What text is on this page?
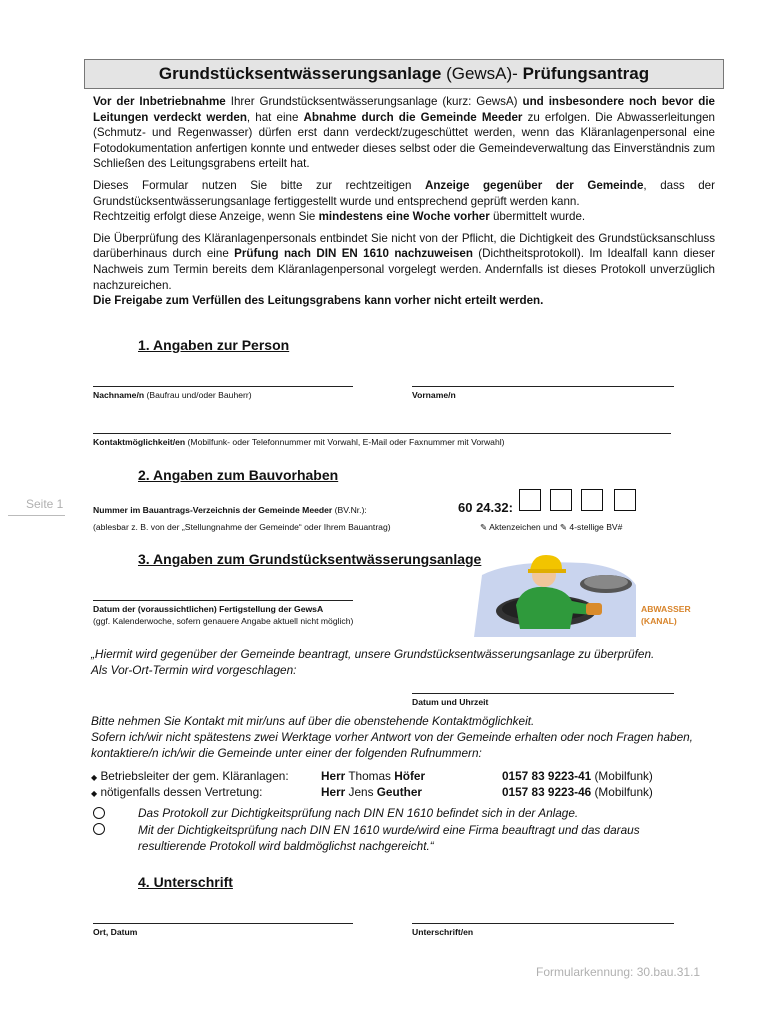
Grundstücksentwässerungsanlage (GewsA)- Prüfungsantrag

Vor der Inbetriebnahme Ihrer Grundstücksentwässerungsanlage (kurz: GewsA) und insbesondere noch bevor die Leitungen verdeckt werden, hat eine Abnahme durch die Gemeinde Meeder zu erfolgen. Die Abwasserleitungen (Schmutz- und Regenwasser) dürfen erst dann verdeckt/zugeschüttet werden, wenn das Kläranlagenpersonal eine Fotodokumentation anfertigen konnte und entweder dieses selbst oder die Gemeindeverwaltung das Einverständnis zum Schließen des Leitungsgrabens erteilt hat.

Dieses Formular nutzen Sie bitte zur rechtzeitigen Anzeige gegenüber der Gemeinde, dass der Grundstücksentwässerungsanlage fertiggestellt wurde und entsprechend geprüft werden kann.
Rechtzeitig erfolgt diese Anzeige, wenn Sie mindestens eine Woche vorher übermittelt wurde.

Die Überprüfung des Kläranlagenpersonals entbindet Sie nicht von der Pflicht, die Dichtigkeit des Grundstücksanschluss darüberhinaus durch eine Prüfung nach DIN EN 1610 nachzuweisen (Dichtheitsprotokoll). Im Idealfall kann dieser Nachweis zum Termin bereits dem Kläranlagenpersonal vorgelegt werden. Andernfalls ist dieses Protokoll unverzüglich nachzureichen.
Die Freigabe zum Verfüllen des Leitungsgrabens kann vorher nicht erteilt werden.

1. Angaben zur Person
Nachname/n (Baufrau und/oder Bauherr)	Vorname/n
Kontaktmöglichkeit/en (Mobilfunk- oder Telefonnummer mit Vorwahl, E-Mail oder Faxnummer mit Vorwahl)
2. Angaben zum Bauvorhaben
Seite 1	Nummer im Bauantrags-Verzeichnis der Gemeinde Meeder (BV.Nr.):
(ablesbar z. B. von der „Stellungnahme der Gemeinde“ oder Ihrem Bauantrag)
60 24.32:
✎ Aktenzeichen und ✎ 4-stellige BV#
3. Angaben zum Grundstücksentwässerungsanlage
Datum der (voraussichtlichen) Fertigstellung der GewsA
(ggf. Kalenderwoche, sofern genauere Angabe aktuell nicht möglich)
ABWASSER
(KANAL)
„Hiermit wird gegenüber der Gemeinde beantragt, unsere Grundstücksentwässerungsanlage zu überprüfen.
Als Vor-Ort-Termin wird vorgeschlagen:
Datum und Uhrzeit
Bitte nehmen Sie Kontakt mit mir/uns auf über die obenstehende Kontaktmöglichkeit.
Sofern ich/wir nicht spätestens zwei Werktage vorher Antwort von der Gemeinde erhalten oder noch Fragen haben, kontaktiere/n ich/wir die Gemeinde unter einer der folgenden Rufnummern:
◆ Betriebsleiter der gem. Kläranlagen:	Herr Thomas Höfer	0157 83 9223-41 (Mobilfunk)
◆ nötigenfalls dessen Vertretung:	Herr Jens Geuther	0157 83 9223-46 (Mobilfunk)
Das Protokoll zur Dichtigkeitsprüfung nach DIN EN 1610 befindet sich in der Anlage.
Mit der Dichtigkeitsprüfung nach DIN EN 1610 wurde/wird eine Firma beauftragt und das daraus resultierende Protokoll wird baldmöglichst nachgereicht.“
4. Unterschrift
Ort, Datum	Unterschrift/en
Formularkennung: 30.bau.31.1
